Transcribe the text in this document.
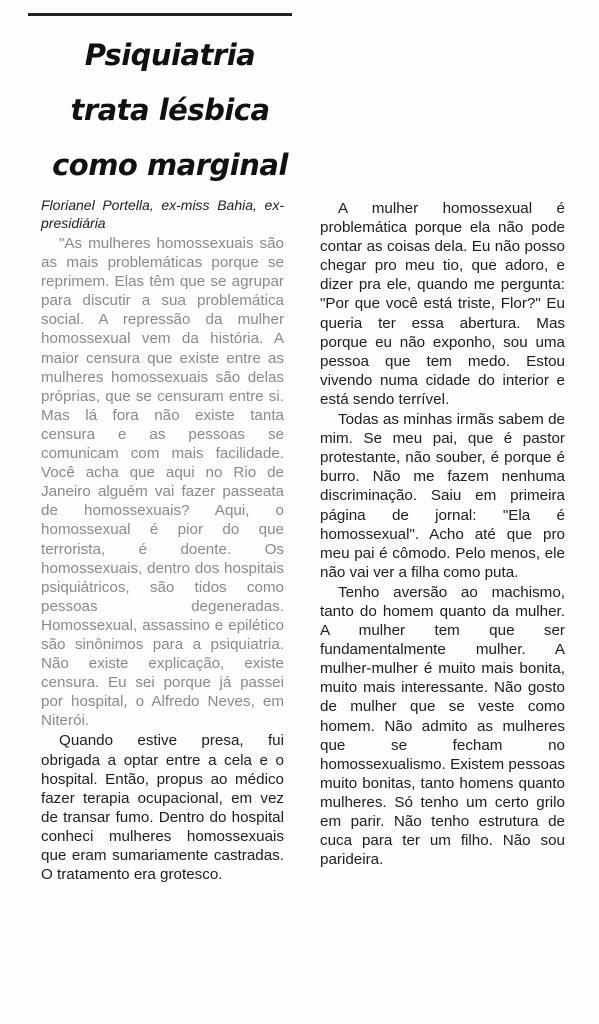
Psiquiatria
trata lésbica
como marginal
Florianel Portella, ex-miss Bahia, ex-presidiária

"As mulheres homossexuais são as mais problemáticas porque se reprimem. Elas têm que se agrupar para discutir a sua problemática social. A repressão da mulher homossexual vem da história. A maior censura que existe entre as mulheres homossexuais são delas próprias, que se censuram entre si. Mas lá fora não existe tanta censura e as pessoas se comunicam com mais facilidade. Você acha que aqui no Rio de Janeiro alguém vai fazer passeata de homossexuais? Aqui, o homossexual é pior do que terrorista, é doente. Os homossexuais, dentro dos hospitais psiquiátricos, são tidos como pessoas degeneradas. Homossexual, assassino e epilético são sinônimos para a psiquiatria. Não existe explicação, existe censura. Eu sei porque já passei por hospital, o Alfredo Neves, em Niterói.

Quando estive presa, fui obrigada a optar entre a cela e o hospital. Então, propus ao médico fazer terapia ocupacional, em vez de transar fumo. Dentro do hospital conheci mulheres homossexuais que eram sumariamente castradas. O tratamento era grotesco.

A mulher homossexual é problemática porque ela não pode contar as coisas dela. Eu não posso chegar pro meu tio, que adoro, e dizer pra ele, quando me pergunta: "Por que você está triste, Flor?" Eu queria ter essa abertura. Mas porque eu não exponho, sou uma pessoa que tem medo. Estou vivendo numa cidade do interior e está sendo terrível.

Todas as minhas irmãs sabem de mim. Se meu pai, que é pastor protestante, não souber, é porque é burro. Não me fazem nenhuma discriminação. Saiu em primeira página de jornal: "Ela é homossexual". Acho até que pro meu pai é cômodo. Pelo menos, ele não vai ver a filha como puta.

Tenho aversão ao machismo, tanto do homem quanto da mulher. A mulher tem que ser fundamentalmente mulher. A mulher-mulher é muito mais bonita, muito mais interessante. Não gosto de mulher que se veste como homem. Não admito as mulheres que se fecham no homossexualismo. Existem pessoas muito bonitas, tanto homens quanto mulheres. Só tenho um certo grilo em parir. Não tenho estrutura de cuca para ter um filho. Não sou parideira.
